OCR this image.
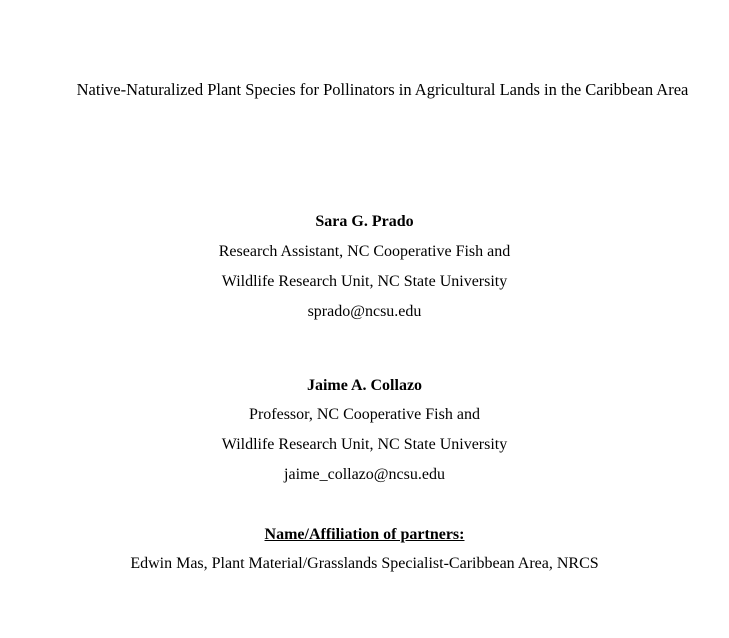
Native-Naturalized Plant Species for Pollinators in Agricultural Lands in the Caribbean Area
Sara G. Prado
Research Assistant, NC Cooperative Fish and
Wildlife Research Unit, NC State University
sprado@ncsu.edu
Jaime A. Collazo
Professor, NC Cooperative Fish and
Wildlife Research Unit, NC State University
jaime_collazo@ncsu.edu
Name/Affiliation of partners:
Edwin Mas, Plant Material/Grasslands Specialist-Caribbean Area, NRCS
